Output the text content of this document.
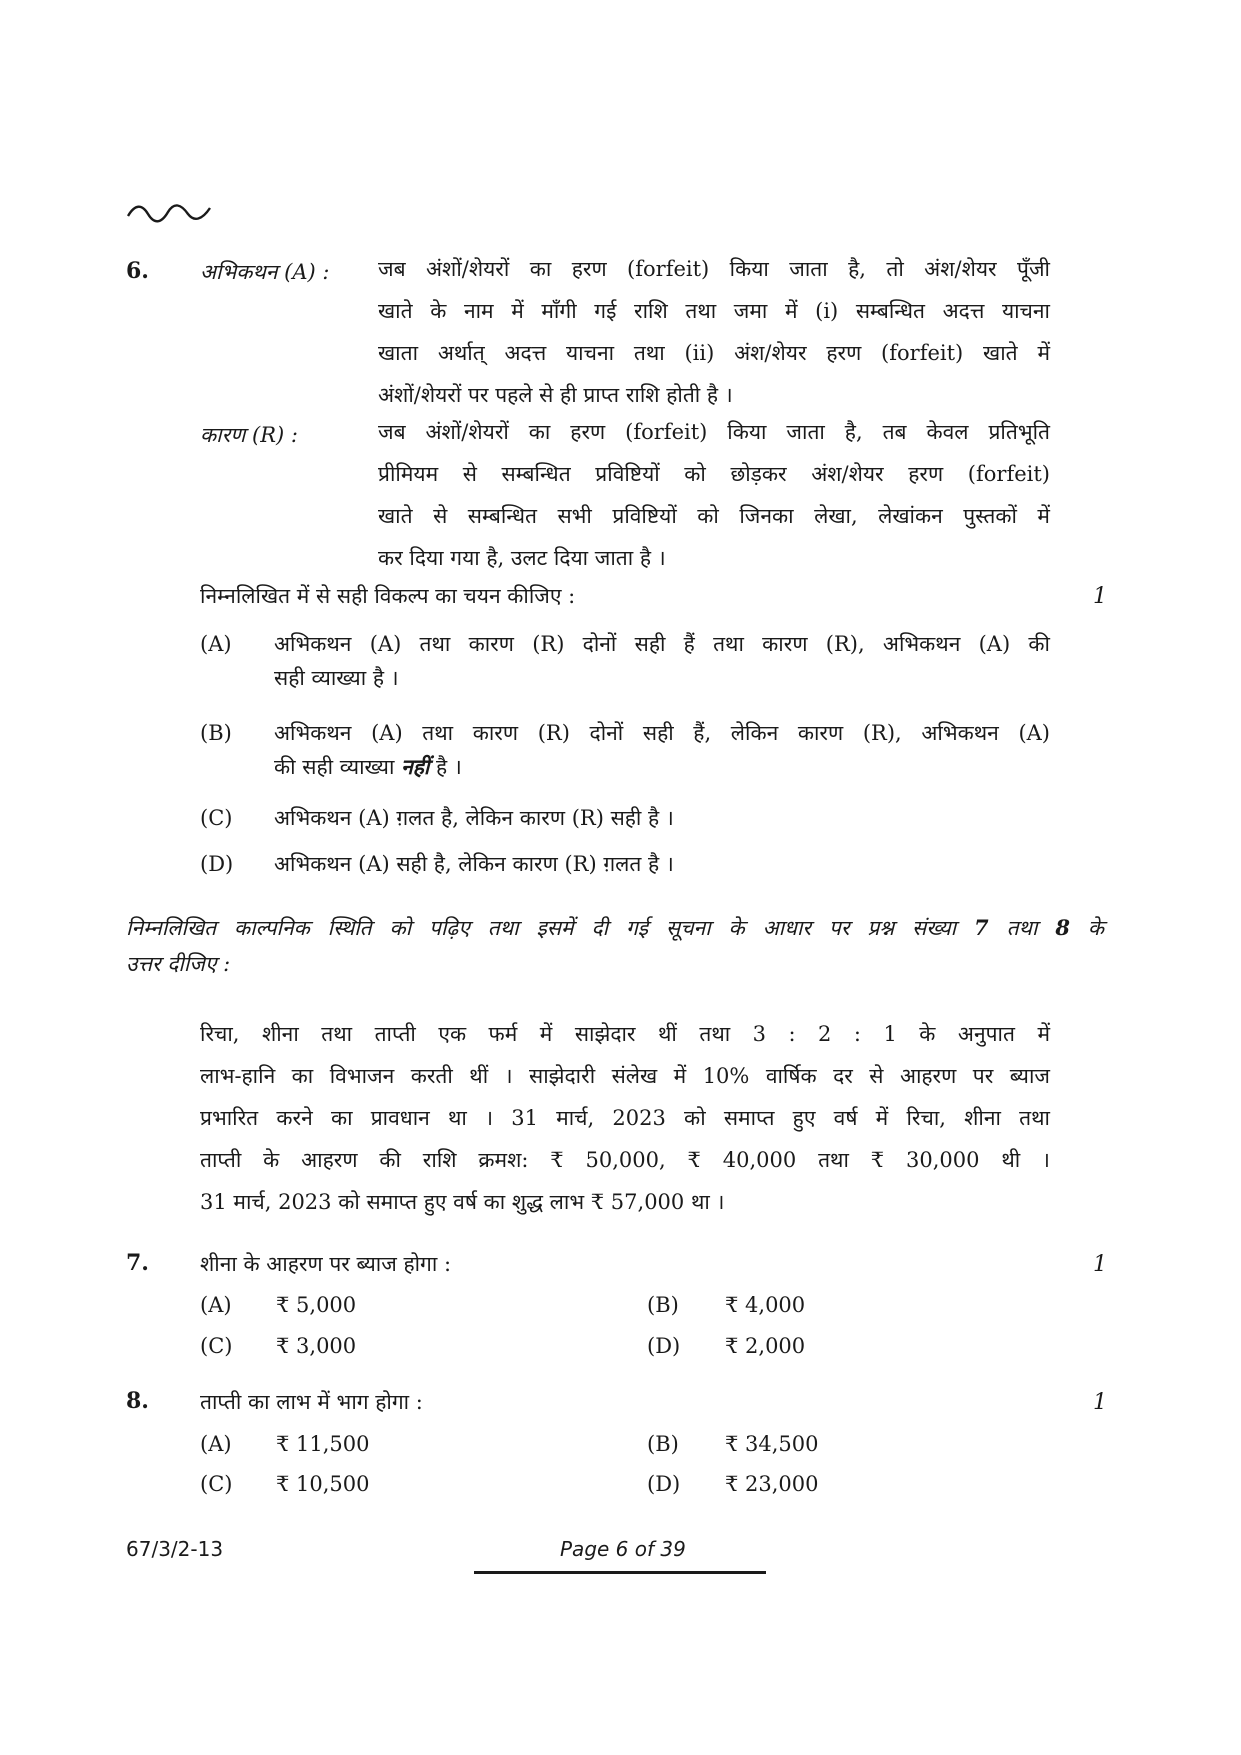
6. अभिकथन (A) : जब अंशों/शेयरों का हरण (forfeit) किया जाता है, तो अंश/शेयर पूँजी
खाते के नाम में माँगी गई राशि तथा जमा में (i) सम्बन्धित अदत्त याचना
खाता अर्थात् अदत्त याचना तथा (ii) अंश/शेयर हरण (forfeit) खाते में
अंशों/शेयरों पर पहले से ही प्राप्त राशि होती है ।
कारण (R) :	जब अंशों/शेयरों का हरण (forfeit) किया जाता है, तब केवल प्रतिभूति
प्रीमियम से सम्बन्धित प्रविष्टियों को छोड़कर अंश/शेयर हरण (forfeit)
खाते से सम्बन्धित सभी प्रविष्टियों को जिनका लेखा, लेखांकन पुस्तकों में
कर दिया गया है, उलट दिया जाता है ।
निम्नलिखित में से सही विकल्प का चयन कीजिए :	1
(A) अभिकथन (A) तथा कारण (R) दोनों सही हैं तथा कारण (R), अभिकथन (A) की
सही व्याख्या है ।
(B) अभिकथन (A) तथा कारण (R) दोनों सही हैं, लेकिन कारण (R), अभिकथन (A)
की सही व्याख्या नहीं है ।
(C) अभिकथन (A) ग़लत है, लेकिन कारण (R) सही है ।
(D) अभिकथन (A) सही है, लेकिन कारण (R) ग़लत है ।
निम्नलिखित काल्पनिक स्थिति को पढ़िए तथा इसमें दी गई सूचना के आधार पर प्रश्न संख्या 7 तथा 8 के
उत्तर दीजिए :
रिचा, शीना तथा ताप्ती एक फर्म में साझेदार थीं तथा 3 : 2 : 1 के अनुपात में
लाभ-हानि का विभाजन करती थीं । साझेदारी संलेख में 10% वार्षिक दर से आहरण पर ब्याज
प्रभारित करने का प्रावधान था । 31 मार्च, 2023 को समाप्त हुए वर्ष में रिचा, शीना तथा
ताप्ती के आहरण की राशि क्रमश: ₹ 50,000, ₹ 40,000 तथा ₹ 30,000 थी ।
31 मार्च, 2023 को समाप्त हुए वर्ष का शुद्ध लाभ ₹ 57,000 था ।
7. शीना के आहरण पर ब्याज होगा :	1
(A) ₹ 5,000	(B) ₹ 4,000
(C) ₹ 3,000	(D) ₹ 2,000
8. ताप्ती का लाभ में भाग होगा :	1
(A) ₹ 11,500	(B) ₹ 34,500
(C) ₹ 10,500	(D) ₹ 23,000
67/3/2-13	Page 6 of 39
